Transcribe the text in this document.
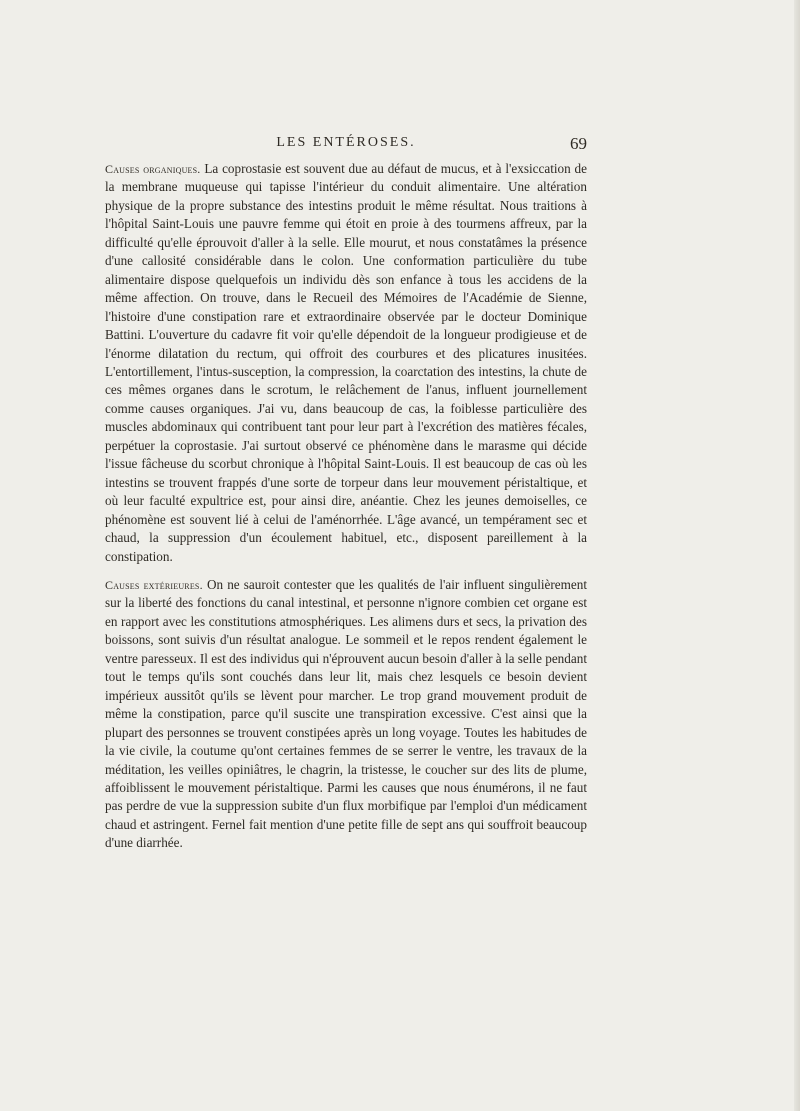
LES ENTÉROSES.	69

Causes organiques. La coprostasie est souvent due au défaut de mucus, et à l'exsiccation de la membrane muqueuse qui tapisse l'intérieur du conduit alimentaire. Une altération physique de la propre substance des intestins produit le même résultat. Nous traitions à l'hôpital Saint-Louis une pauvre femme qui étoit en proie à des tourmens affreux, par la difficulté qu'elle éprouvoit d'aller à la selle. Elle mourut, et nous constatâmes la présence d'une callosité considérable dans le colon. Une conformation particulière du tube alimentaire dispose quelquefois un individu dès son enfance à tous les accidens de la même affection. On trouve, dans le Recueil des Mémoires de l'Académie de Sienne, l'histoire d'une constipation rare et extraordinaire observée par le docteur Dominique Battini. L'ouverture du cadavre fit voir qu'elle dépendoit de la longueur prodigieuse et de l'énorme dilatation du rectum, qui offroit des courbures et des plicatures inusitées. L'entortillement, l'intus-susception, la compression, la coarctation des intestins, la chute de ces mêmes organes dans le scrotum, le relâchement de l'anus, influent journellement comme causes organiques. J'ai vu, dans beaucoup de cas, la foiblesse particulière des muscles abdominaux qui contribuent tant pour leur part à l'excrétion des matières fécales, perpétuer la coprostasie. J'ai surtout observé ce phénomène dans le marasme qui décide l'issue fâcheuse du scorbut chronique à l'hôpital Saint-Louis. Il est beaucoup de cas où les intestins se trouvent frappés d'une sorte de torpeur dans leur mouvement péristaltique, et où leur faculté expultrice est, pour ainsi dire, anéantie. Chez les jeunes demoiselles, ce phénomène est souvent lié à celui de l'aménorrhée. L'âge avancé, un tempérament sec et chaud, la suppression d'un écoulement habituel, etc., disposent pareillement à la constipation.

Causes extérieures. On ne sauroit contester que les qualités de l'air influent singulièrement sur la liberté des fonctions du canal intestinal, et personne n'ignore combien cet organe est en rapport avec les constitutions atmosphériques. Les alimens durs et secs, la privation des boissons, sont suivis d'un résultat analogue. Le sommeil et le repos rendent également le ventre paresseux. Il est des individus qui n'éprouvent aucun besoin d'aller à la selle pendant tout le temps qu'ils sont couchés dans leur lit, mais chez lesquels ce besoin devient impérieux aussitôt qu'ils se lèvent pour marcher. Le trop grand mouvement produit de même la constipation, parce qu'il suscite une transpiration excessive. C'est ainsi que la plupart des personnes se trouvent constipées après un long voyage. Toutes les habitudes de la vie civile, la coutume qu'ont certaines femmes de se serrer le ventre, les travaux de la méditation, les veilles opiniâtres, le chagrin, la tristesse, le coucher sur des lits de plume, affoiblissent le mouvement péristaltique. Parmi les causes que nous énumérons, il ne faut pas perdre de vue la suppression subite d'un flux morbifique par l'emploi d'un médicament chaud et astringent. Fernel fait mention d'une petite fille de sept ans qui souffroit beaucoup d'une diarrhée.
